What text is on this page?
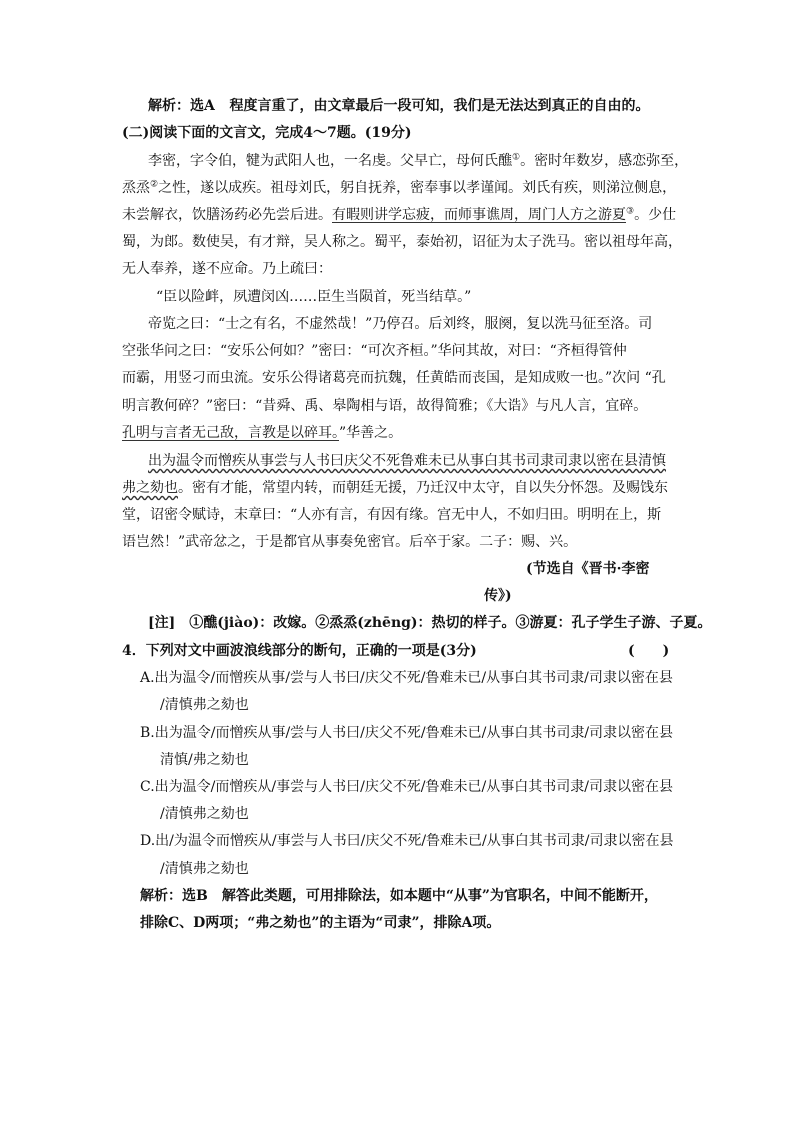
解析：选A 程度言重了，由文章最后一段可知，我们是无法达到真正的自由的。
(二)阅读下面的文言文，完成4～7题。(19分)
李密，字令伯，犍为武阳人也，一名虔。父早亡，母何氏醮①。密时年数岁，感恋弥至，
烝烝②之性，遂以成疾。祖母刘氏，躬自抚养，密奉事以孝谨闻。刘氏有疾，则涕泣侧息，
未尝解衣，饮膳汤药必先尝后进。有暇则讲学忘疲，而师事谯周，周门人方之游夏③。少仕
蜀，为郎。数使吴，有才辩，吴人称之。蜀平，泰始初，诏征为太子洗马。密以祖母年高，
无人奉养，遂不应命。乃上疏曰：
“臣以险衅，夙遭闵凶……臣生当陨首，死当结草。”
帝览之曰：“士之有名，不虚然哉！”乃停召。后刘终，服阕，复以洗马征至洛。司
空张华问之曰：“安乐公何如？”密曰：“可次齐桓。”华问其故，对曰：“齐桓得管仲
而霸，用竖刁而虫流。安乐公得诸葛亮而抗魏，任黄皓而丧国，是知成败一也。”次问 “孔
明言教何碎？”密曰：“昔舜、禹、皋陶相与语，故得简雅；《大诰》与凡人言，宜碎。
孔明与言者无己敌，言教是以碎耳。”华善之。
出为温令而憎疾从事尝与人书曰庆父不死鲁难未已从事白其书司隶司隶以密在县清慎
弗之劾也。密有才能，常望内转，而朝廷无援，乃迁汉中太守，自以失分怀怨。及赐饯东
堂，诏密令赋诗，末章曰：“人亦有言，有因有缘。宫无中人，不如归田。明明在上，斯
语岂然！”武帝忿之，于是都官从事奏免密官。后卒于家。二子：赐、兴。
(节选自《晋书·李密
传》)
[注]　①醮(jiào)：改嫁。②烝烝(zhēng)：热切的样子。③游夏：孔子学生子游、子夏。
4．下列对文中画波浪线部分的断句，正确的一项是(3分)	(　　)
A.出为温令/而憎疾从事/尝与人书曰/庆父不死/鲁难未已/从事白其书司隶/司隶以密在县
/清慎弗之劾也
B.出为温令/而憎疾从事/尝与人书曰/庆父不死/鲁难未已/从事白其书司隶/司隶以密在县
清慎/弗之劾也
C.出为温令/而憎疾从/事尝与人书曰/庆父不死/鲁难未已/从事白其书司隶/司隶以密在县
/清慎弗之劾也
D.出/为温令而憎疾从/事尝与人书曰/庆父不死/鲁难未已/从事白其书司隶/司隶以密在县
/清慎弗之劾也
解析：选B　解答此类题，可用排除法，如本题中“从事”为官职名，中间不能断开，
排除C、D两项；“弗之劾也”的主语为“司隶”，排除A项。
